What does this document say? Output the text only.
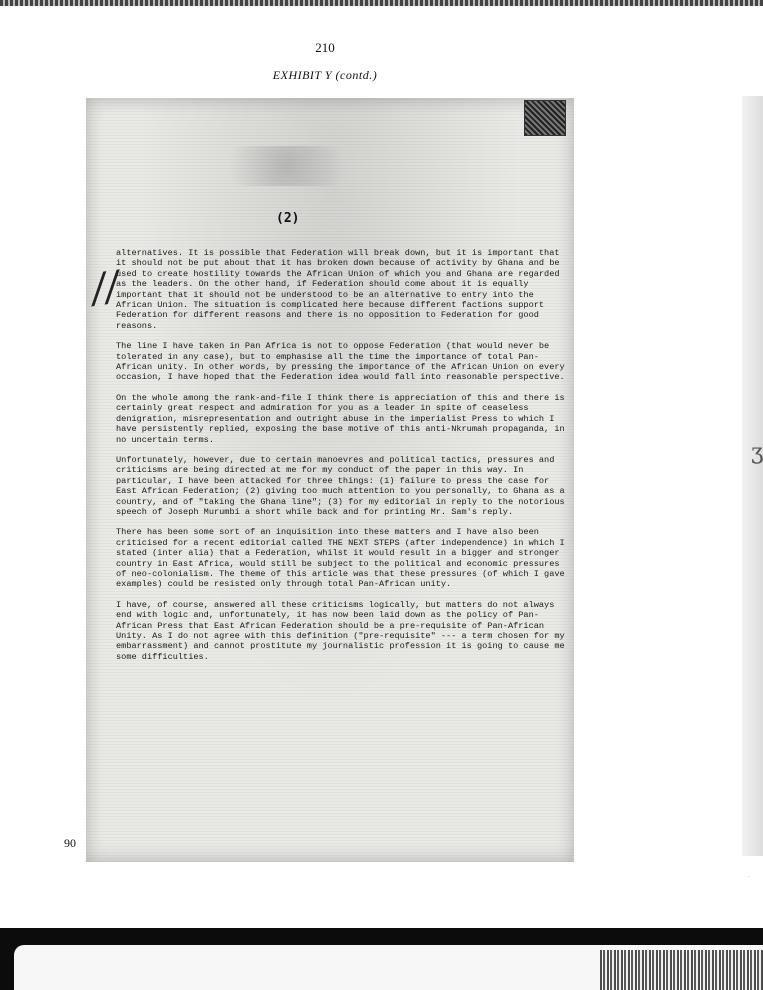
210
EXHIBIT Y (contd.)
(2)
//

alternatives. It is possible that Federation will break down, but it is important that it should not be put about that it has broken down because of activity by Ghana and be used to create hostility towards the African Union of which you and Ghana are regarded as the leaders. On the other hand, if Federation should come about it is equally important that it should not be understood to be an alternative to entry into the African Union. The situation is complicated here because different factions support Federation for different reasons and there is no opposition to Federation for good reasons.

The line I have taken in Pan Africa is not to oppose Federation (that would never be tolerated in any case), but to emphasise all the time the importance of total Pan-African unity. In other words, by pressing the importance of the African Union on every occasion, I have hoped that the Federation idea would fall into reasonable perspective.

On the whole among the rank-and-file I think there is appreciation of this and there is certainly great respect and admiration for you as a leader in spite of ceaseless denigration, misrepresentation and outright abuse in the imperialist Press to which I have persistently replied, exposing the base motive of this anti-Nkrumah propaganda, in no uncertain terms.

Unfortunately, however, due to certain manoevres and political tactics, pressures and criticisms are being directed at me for my conduct of the paper in this way. In particular, I have been attacked for three things: (1) failure to press the case for East African Federation; (2) giving too much attention to you personally, to Ghana as a country, and of "taking the Ghana line"; (3) for my editorial in reply to the notorious speech of Joseph Murumbi a short while back and for printing Mr. Sam's reply.

There has been some sort of an inquisition into these matters and I have also been criticised for a recent editorial called THE NEXT STEPS (after independence) in which I stated (inter alia) that a Federation, whilst it would result in a bigger and stronger country in East Africa, would still be subject to the political and economic pressures of neo-colonialism. The theme of this article was that these pressures (of which I gave examples) could be resisted only through total Pan-African unity.

I have, of course, answered all these criticisms logically, but matters do not always end with logic and, unfortunately, it has now been laid down as the policy of Pan-African Press that East African Federation should be a pre-requisite of Pan-African Unity. As I do not agree with this definition ("pre-requisite" --- a term chosen for my embarrassment) and cannot prostitute my journalistic profession it is going to cause me some difficulties.

90
ʒ
·
